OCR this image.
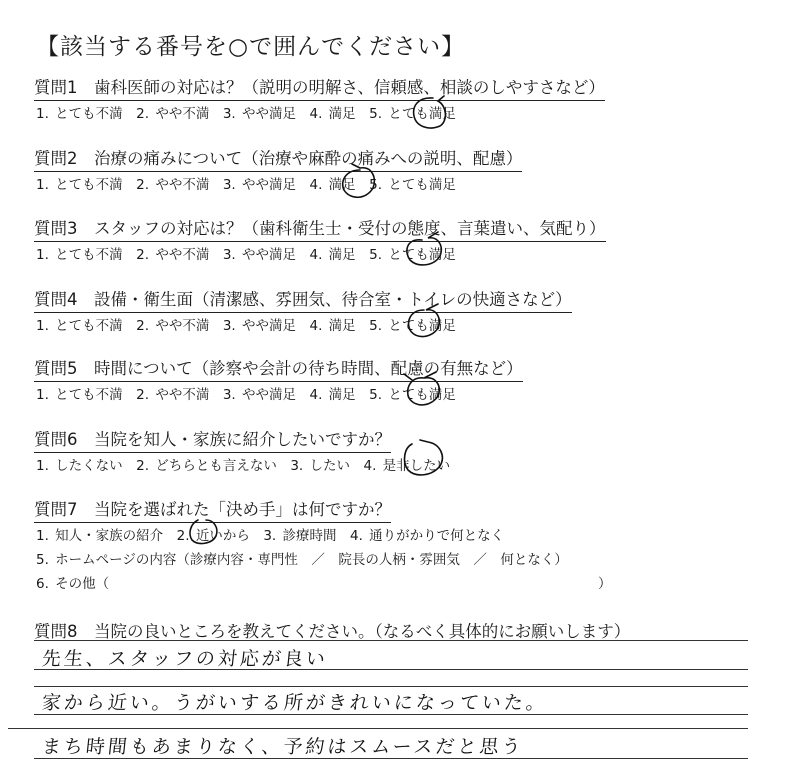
【該当する番号を○で囲んでください】
質問1　歯科医師の対応は？（説明の明解さ、信頼感、相談のしやすさなど）
1. とても不満　2. やや不満　3. やや満足　4. 満足　5. とても満足
質問2　治療の痛みについて（治療や麻酔の痛みへの説明、配慮）
1. とても不満　2. やや不満　3. やや満足　4. 満足　5. とても満足
質問3　スタッフの対応は？（歯科衛生士・受付の態度、言葉遣い、気配り）
1. とても不満　2. やや不満　3. やや満足　4. 満足　5. とても満足
質問4　設備・衛生面（清潔感、雰囲気、待合室・トイレの快適さなど）
1. とても不満　2. やや不満　3. やや満足　4. 満足　5. とても満足
質問5　時間について（診察や会計の待ち時間、配慮の有無など）
1. とても不満　2. やや不満　3. やや満足　4. 満足　5. とても満足
質問6　当院を知人・家族に紹介したいですか？
1. したくない　2. どちらとも言えない　3. したい　4. 是非したい
質問7　当院を選ばれた「決め手」は何ですか？
1. 知人・家族の紹介　2. 近いから　3. 診療時間　4. 通りがかりで何となく
5. ホームページの内容（診療内容・専門性　／　院長の人柄・雰囲気　／　何となく）
6. その他（	）
質問8　当院の良いところを教えてください。（なるべく具体的にお願いします）
先生、スタッフの対応が良い
家から近い。うがいする所がきれいになっていた。
まち時間もあまりなく、予約はスムースだと思う
